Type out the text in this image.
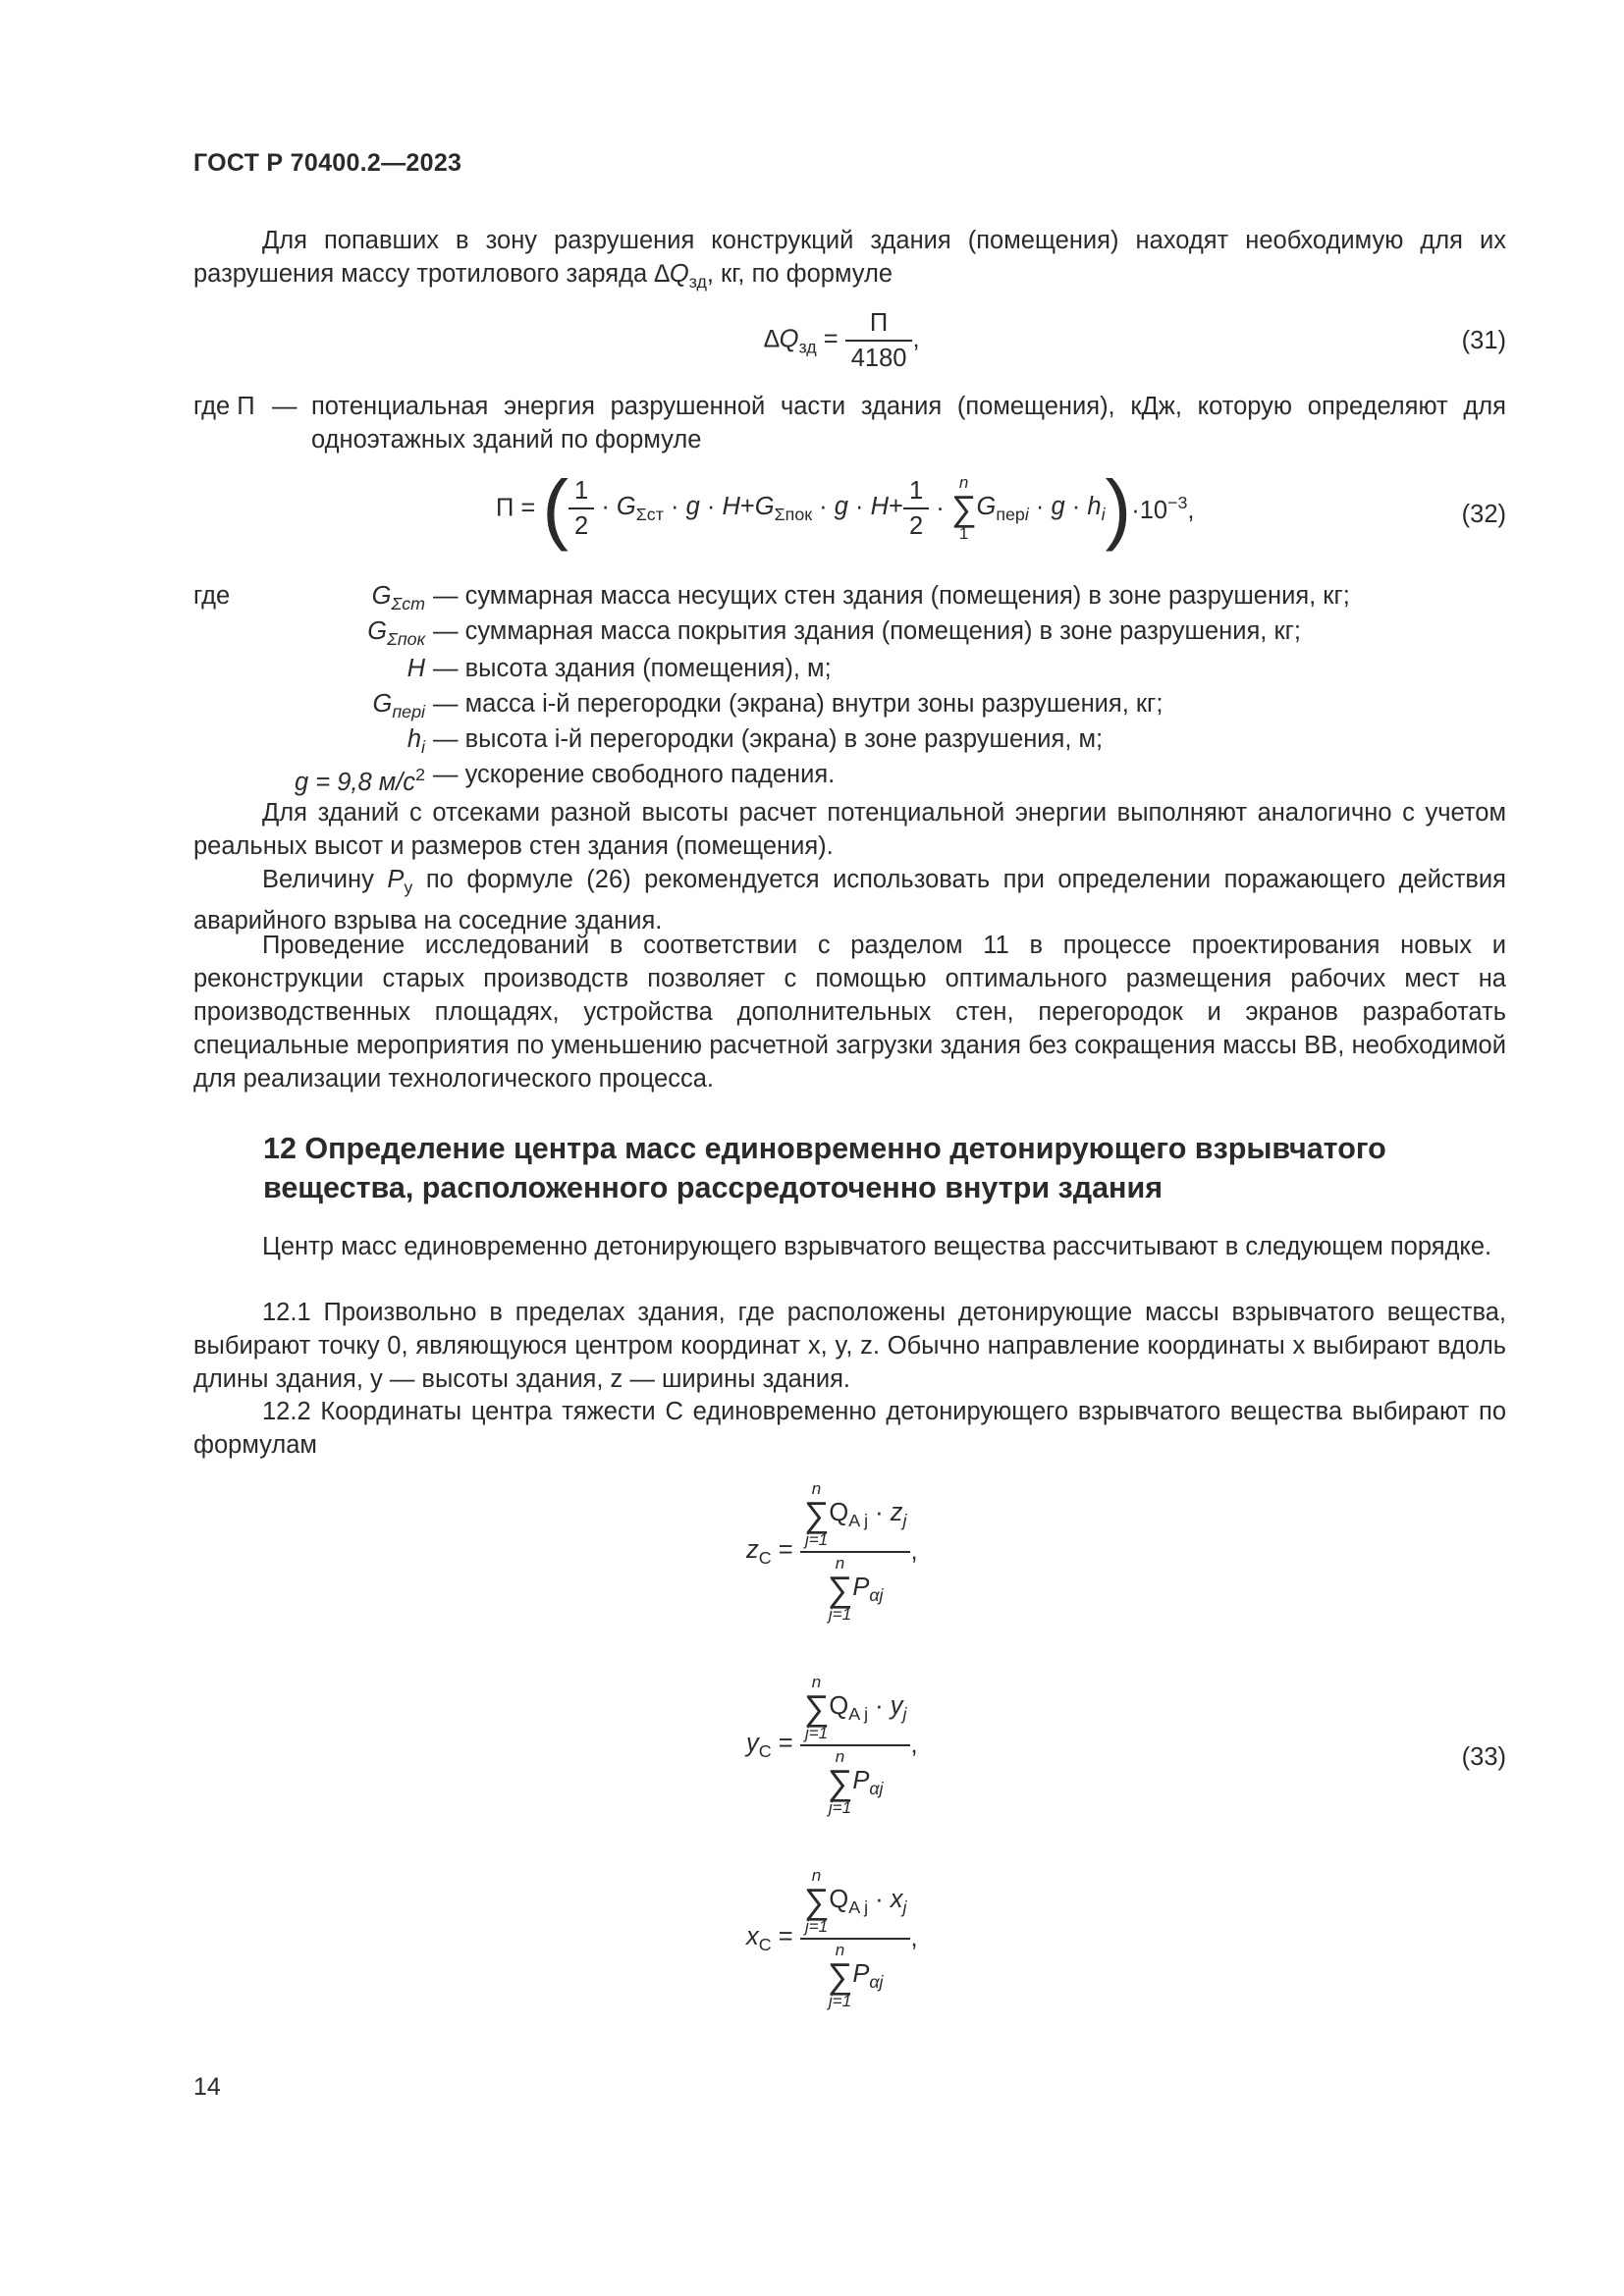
ГОСТ Р 70400.2—2023

Для попавших в зону разрушения конструкций здания (помещения) находят необходимую для их разрушения массу тротилового заряда $\Delta Q_{зд}$, кг, по формуле

$\Delta Q_{зд} = \frac{П}{4180}$ ,	(31)
где П — потенциальная энергия разрушенной части здания (помещения), кДж, которую определяют для одноэтажных зданий по формуле

П = ( $\frac{1}{2} \cdot G_{\Sigma ст} \cdot g \cdot H+G_{\Sigma пок} \cdot g \cdot H+ \frac{1}{2} \cdot n$
∑
$1G_{перi} \cdot g \cdot h_i)\cdot 10^{-3}$,	(32)
где	$G_{\Sigma ст}$ — суммарная масса несущих стен здания (помещения) в зоне разрушения, кг;
$G_{\Sigma пок}$ — суммарная масса покрытия здания (помещения) в зоне разрушения, кг;
H — высота здания (помещения), м;
$G_{перi}$ — масса i-й перегородки (экрана) внутри зоны разрушения, кг;
$h_i$ — высота i-й перегородки (экрана) в зоне разрушения, м;
g = 9,8 $м/с^2$ — ускорение свободного падения.

Для зданий с отсеками разной высоты расчет потенциальной энергии выполняют аналогично с учетом реальных высот и размеров стен здания (помещения).

Величину $P_у$ по формуле (26) рекомендуется использовать при определении поражающего действия аварийного взрыва на соседние здания.

Проведение исследований в соответствии с разделом 11 в процессе проектирования новых и реконструкции старых производств позволяет с помощью оптимального размещения рабочих мест на производственных площадях, устройства дополнительных стен, перегородок и экранов разработать специальные мероприятия по уменьшению расчетной загрузки здания без сокращения массы ВВ, необходимой для реализации технологического процесса.

12 Определение центра масс единовременно детонирующего взрывчатого вещества, расположенного рассредоточенно внутри здания

Центр масс единовременно детонирующего взрывчатого вещества рассчитывают в следующем порядке.

12.1 Произвольно в пределах здания, где расположены детонирующие массы взрывчатого вещества, выбирают точку 0, являющуюся центром координат x, y, z. Обычно направление координаты x выбирают вдоль длины здания, y — высоты здания, z — ширины здания.

12.2 Координаты центра тяжести С единовременно детонирующего взрывчатого вещества выбирают по формулам

$z_C$ =
n
∑
$j=1Q_{A j} \cdot z_j$
n
∑
$j=1P_{\alpha j}$
,
$y_C$ =
n
∑
$j=1Q_{A j} \cdot y_j$
n
∑
$j=1P_{\alpha j}$
,
$x_C$ =
n
∑
$j=1Q_{A j} \cdot x_j$
n
∑
$j=1P_{\alpha j}$
,
(33)
14
